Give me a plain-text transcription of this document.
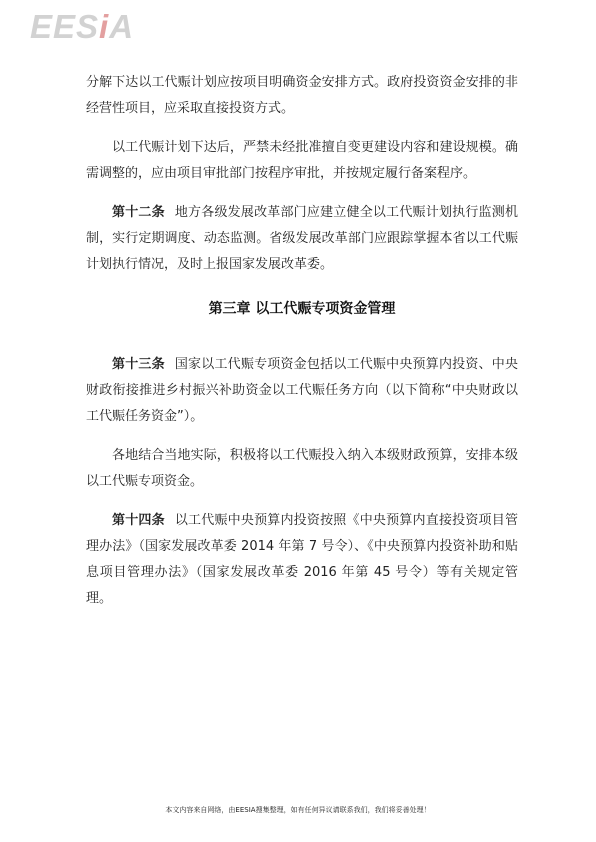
EESiA

分解下达以工代赈计划应按项目明确资金安排方式。政府投资资金安排的非经营性项目，应采取直接投资方式。

以工代赈计划下达后，严禁未经批准擅自变更建设内容和建设规模。确需调整的，应由项目审批部门按程序审批，并按规定履行备案程序。

第十二条 地方各级发展改革部门应建立健全以工代赈计划执行监测机制，实行定期调度、动态监测。省级发展改革部门应跟踪掌握本省以工代赈计划执行情况，及时上报国家发展改革委。

第三章 以工代赈专项资金管理

第十三条 国家以工代赈专项资金包括以工代赈中央预算内投资、中央财政衔接推进乡村振兴补助资金以工代赈任务方向（以下简称“中央财政以工代赈任务资金”）。

各地结合当地实际，积极将以工代赈投入纳入本级财政预算，安排本级以工代赈专项资金。

第十四条 以工代赈中央预算内投资按照《中央预算内直接投资项目管理办法》（国家发展改革委 2014 年第 7 号令）、《中央预算内投资补助和贴息项目管理办法》（国家发展改革委 2016 年第 45 号令）等有关规定管理。

本文内容来自网络，由EESIA搜集整理，如有任何异议请联系我们，我们将妥善处理！
